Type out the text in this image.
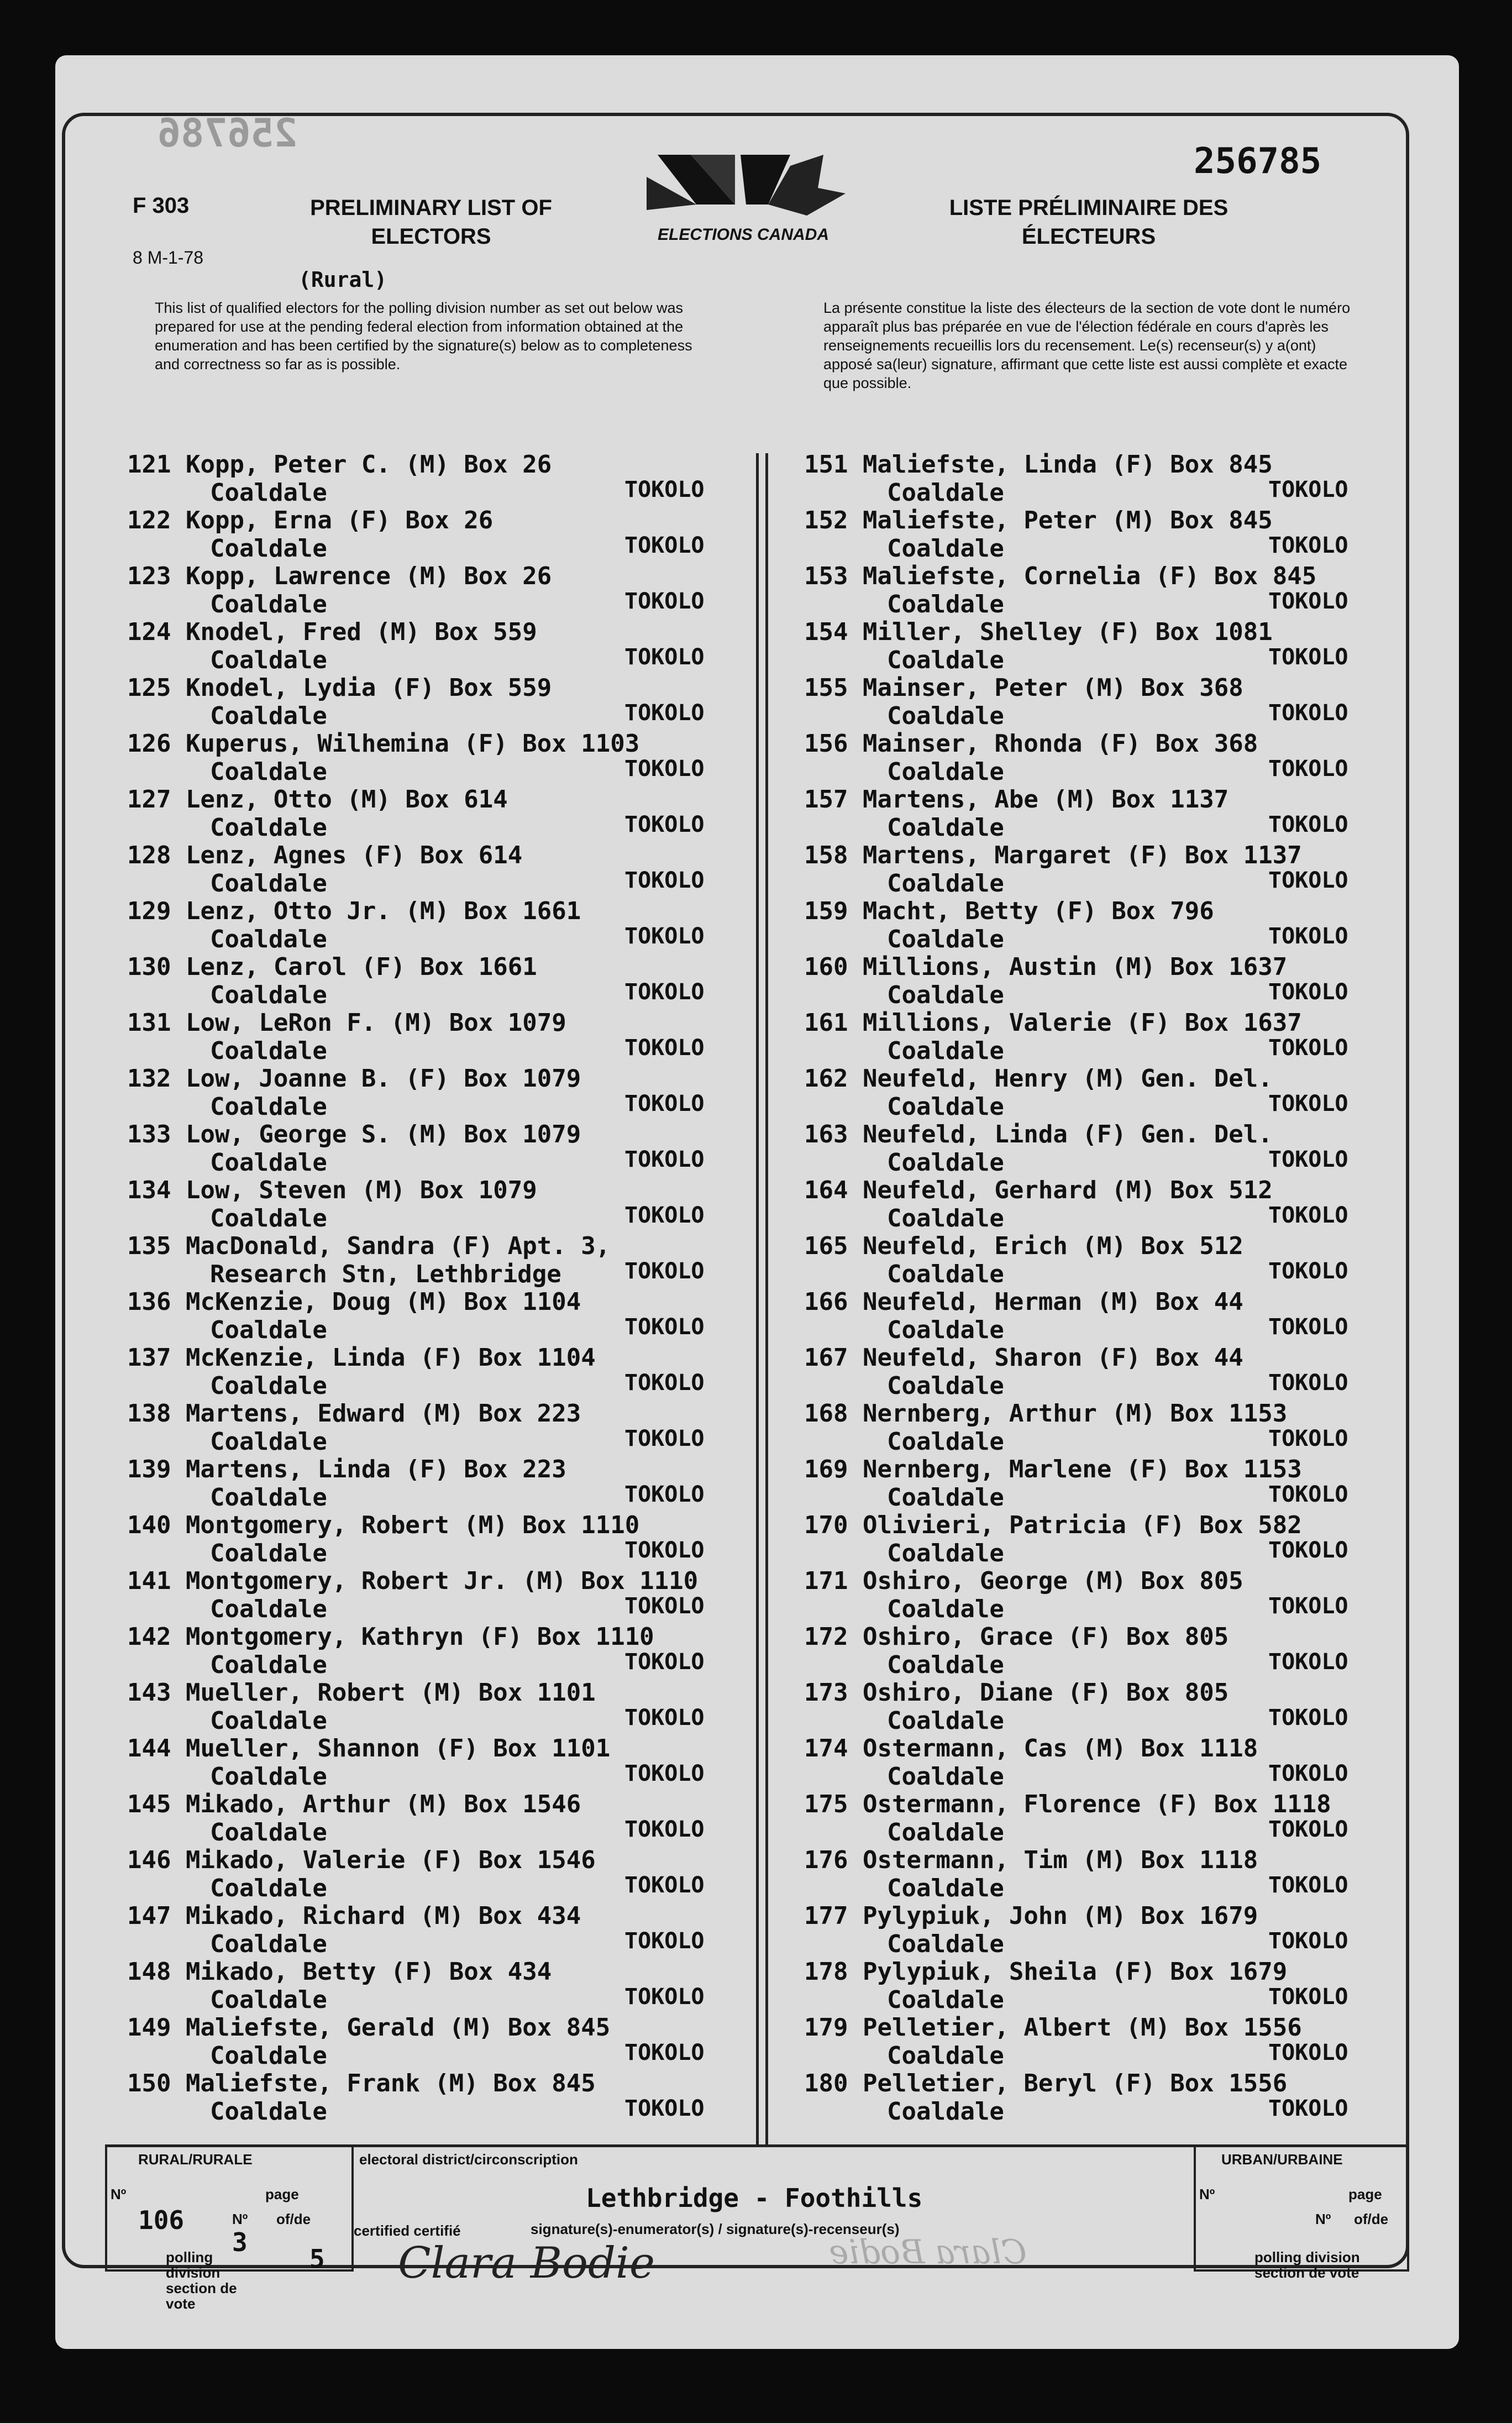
256786
256785
F 303
8 M-1-78
PRELIMINARY LIST OF ELECTORS
LISTE PRÉLIMINAIRE DES ÉLECTEURS
(Rural)
ELECTIONS CANADA
This list of qualified electors for the polling division number as set out below was prepared for use at the pending federal election from information obtained at the enumeration and has been certified by the signature(s) below as to completeness and correctness so far as is possible.
La présente constitue la liste des électeurs de la section de vote dont le numéro apparaît plus bas préparée en vue de l'élection fédérale en cours d'après les renseignements recueillis lors du recensement. Le(s) recenseur(s) y a(ont) apposé sa(leur) signature, affirmant que cette liste est aussi complète et exacte que possible.
121 Kopp, Peter C. (M) Box 26
Coaldale	TOKOLO
122 Kopp, Erna (F) Box 26
Coaldale	TOKOLO
123 Kopp, Lawrence (M) Box 26
Coaldale	TOKOLO
124 Knodel, Fred (M) Box 559
Coaldale	TOKOLO
125 Knodel, Lydia (F) Box 559
Coaldale	TOKOLO
126 Kuperus, Wilhemina (F) Box 1103
Coaldale	TOKOLO
127 Lenz, Otto (M) Box 614
Coaldale	TOKOLO
128 Lenz, Agnes (F) Box 614
Coaldale	TOKOLO
129 Lenz, Otto Jr. (M) Box 1661
Coaldale	TOKOLO
130 Lenz, Carol (F) Box 1661
Coaldale	TOKOLO
131 Low, LeRon F. (M) Box 1079
Coaldale	TOKOLO
132 Low, Joanne B. (F) Box 1079
Coaldale	TOKOLO
133 Low, George S. (M) Box 1079
Coaldale	TOKOLO
134 Low, Steven (M) Box 1079
Coaldale	TOKOLO
135 MacDonald, Sandra (F) Apt. 3,
Research Stn, Lethbridge	TOKOLO
136 McKenzie, Doug (M) Box 1104
Coaldale	TOKOLO
137 McKenzie, Linda (F) Box 1104
Coaldale	TOKOLO
138 Martens, Edward (M) Box 223
Coaldale	TOKOLO
139 Martens, Linda (F) Box 223
Coaldale	TOKOLO
140 Montgomery, Robert (M) Box 1110
Coaldale	TOKOLO
141 Montgomery, Robert Jr. (M) Box 1110
Coaldale	TOKOLO
142 Montgomery, Kathryn (F) Box 1110
Coaldale	TOKOLO
143 Mueller, Robert (M) Box 1101
Coaldale	TOKOLO
144 Mueller, Shannon (F) Box 1101
Coaldale	TOKOLO
145 Mikado, Arthur (M) Box 1546
Coaldale	TOKOLO
146 Mikado, Valerie (F) Box 1546
Coaldale	TOKOLO
147 Mikado, Richard (M) Box 434
Coaldale	TOKOLO
148 Mikado, Betty (F) Box 434
Coaldale	TOKOLO
149 Maliefste, Gerald (M) Box 845
Coaldale	TOKOLO
150 Maliefste, Frank (M) Box 845
Coaldale	TOKOLO
151 Maliefste, Linda (F) Box 845
Coaldale	TOKOLO
152 Maliefste, Peter (M) Box 845
Coaldale	TOKOLO
153 Maliefste, Cornelia (F) Box 845
Coaldale	TOKOLO
154 Miller, Shelley (F) Box 1081
Coaldale	TOKOLO
155 Mainser, Peter (M) Box 368
Coaldale	TOKOLO
156 Mainser, Rhonda (F) Box 368
Coaldale	TOKOLO
157 Martens, Abe (M) Box 1137
Coaldale	TOKOLO
158 Martens, Margaret (F) Box 1137
Coaldale	TOKOLO
159 Macht, Betty (F) Box 796
Coaldale	TOKOLO
160 Millions, Austin (M) Box 1637
Coaldale	TOKOLO
161 Millions, Valerie (F) Box 1637
Coaldale	TOKOLO
162 Neufeld, Henry (M) Gen. Del.
Coaldale	TOKOLO
163 Neufeld, Linda (F) Gen. Del.
Coaldale	TOKOLO
164 Neufeld, Gerhard (M) Box 512
Coaldale	TOKOLO
165 Neufeld, Erich (M) Box 512
Coaldale	TOKOLO
166 Neufeld, Herman (M) Box 44
Coaldale	TOKOLO
167 Neufeld, Sharon (F) Box 44
Coaldale	TOKOLO
168 Nernberg, Arthur (M) Box 1153
Coaldale	TOKOLO
169 Nernberg, Marlene (F) Box 1153
Coaldale	TOKOLO
170 Olivieri, Patricia (F) Box 582
Coaldale	TOKOLO
171 Oshiro, George (M) Box 805
Coaldale	TOKOLO
172 Oshiro, Grace (F) Box 805
Coaldale	TOKOLO
173 Oshiro, Diane (F) Box 805
Coaldale	TOKOLO
174 Ostermann, Cas (M) Box 1118
Coaldale	TOKOLO
175 Ostermann, Florence (F) Box 1118
Coaldale	TOKOLO
176 Ostermann, Tim (M) Box 1118
Coaldale	TOKOLO
177 Pylypiuk, John (M) Box 1679
Coaldale	TOKOLO
178 Pylypiuk, Sheila (F) Box 1679
Coaldale	TOKOLO
179 Pelletier, Albert (M) Box 1556
Coaldale	TOKOLO
180 Pelletier, Beryl (F) Box 1556
Coaldale	TOKOLO
RURAL/RURALE
Nº	page
106	Nº
3
of/de
5
polling division section de vote
electoral district/circonscription
Lethbridge - Foothills
signature(s)-enumerator(s) / signature(s)-recenseur(s)
certified certifié
Clara Bodie	Clara Bodie
URBAN/URBAINE
Nº	page
Nº of/de
polling division section de vote
